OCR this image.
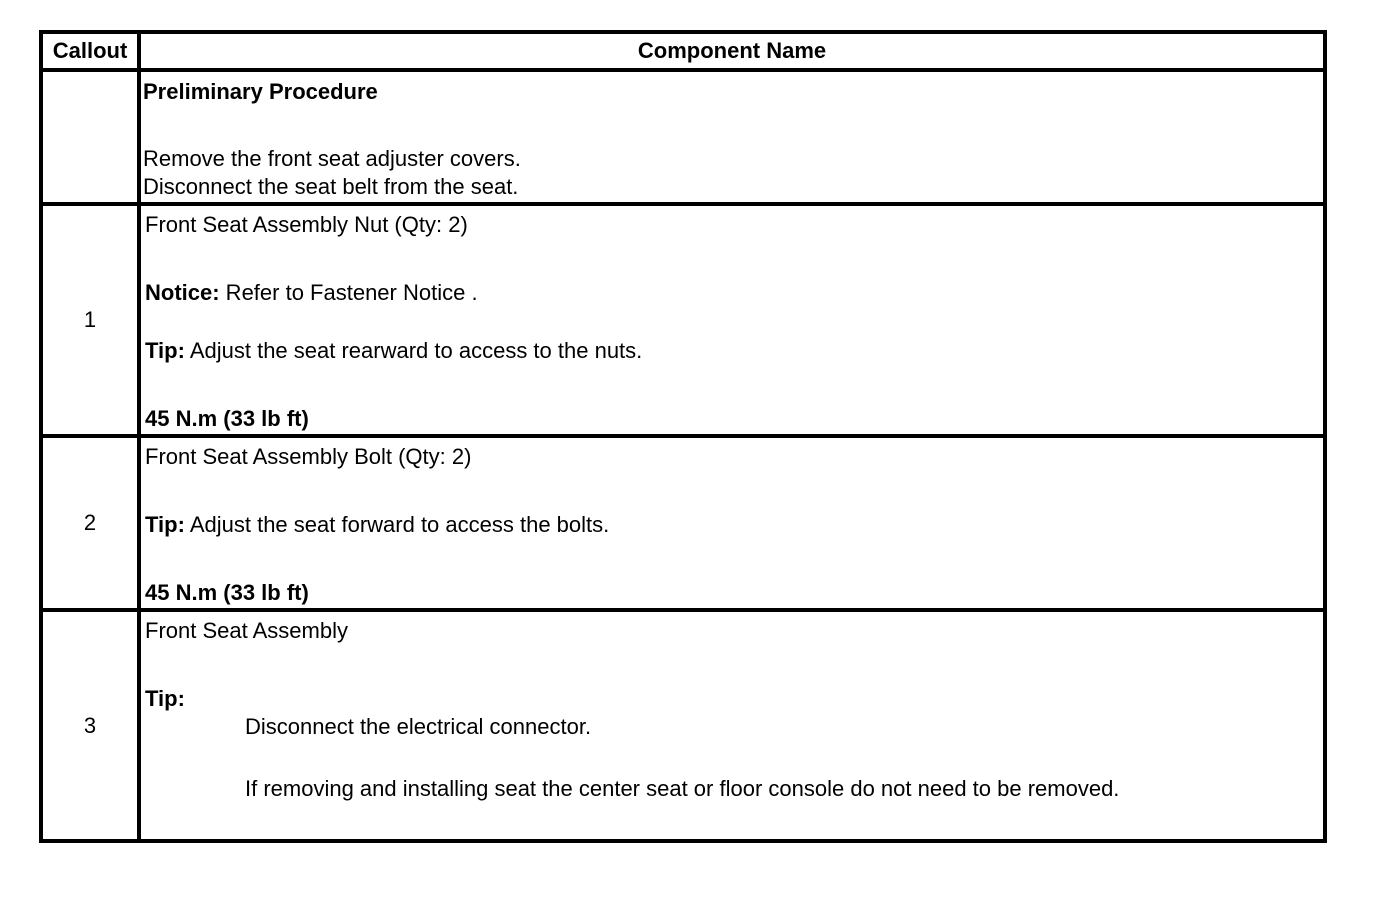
Callout	Component Name

	Preliminary Procedure

Remove the front seat adjuster covers.

Disconnect the seat belt from the seat.

1	Front Seat Assembly Nut (Qty: 2)

Notice: Refer to Fastener Notice .

Tip: Adjust the seat rearward to access to the nuts.

45 N.m (33 lb ft)

2	Front Seat Assembly Bolt (Qty: 2)

Tip: Adjust the seat forward to access the bolts.

45 N.m (33 lb ft)

3	Front Seat Assembly

Tip:

Disconnect the electrical connector.

If removing and installing seat the center seat or floor console do not need to be removed.
